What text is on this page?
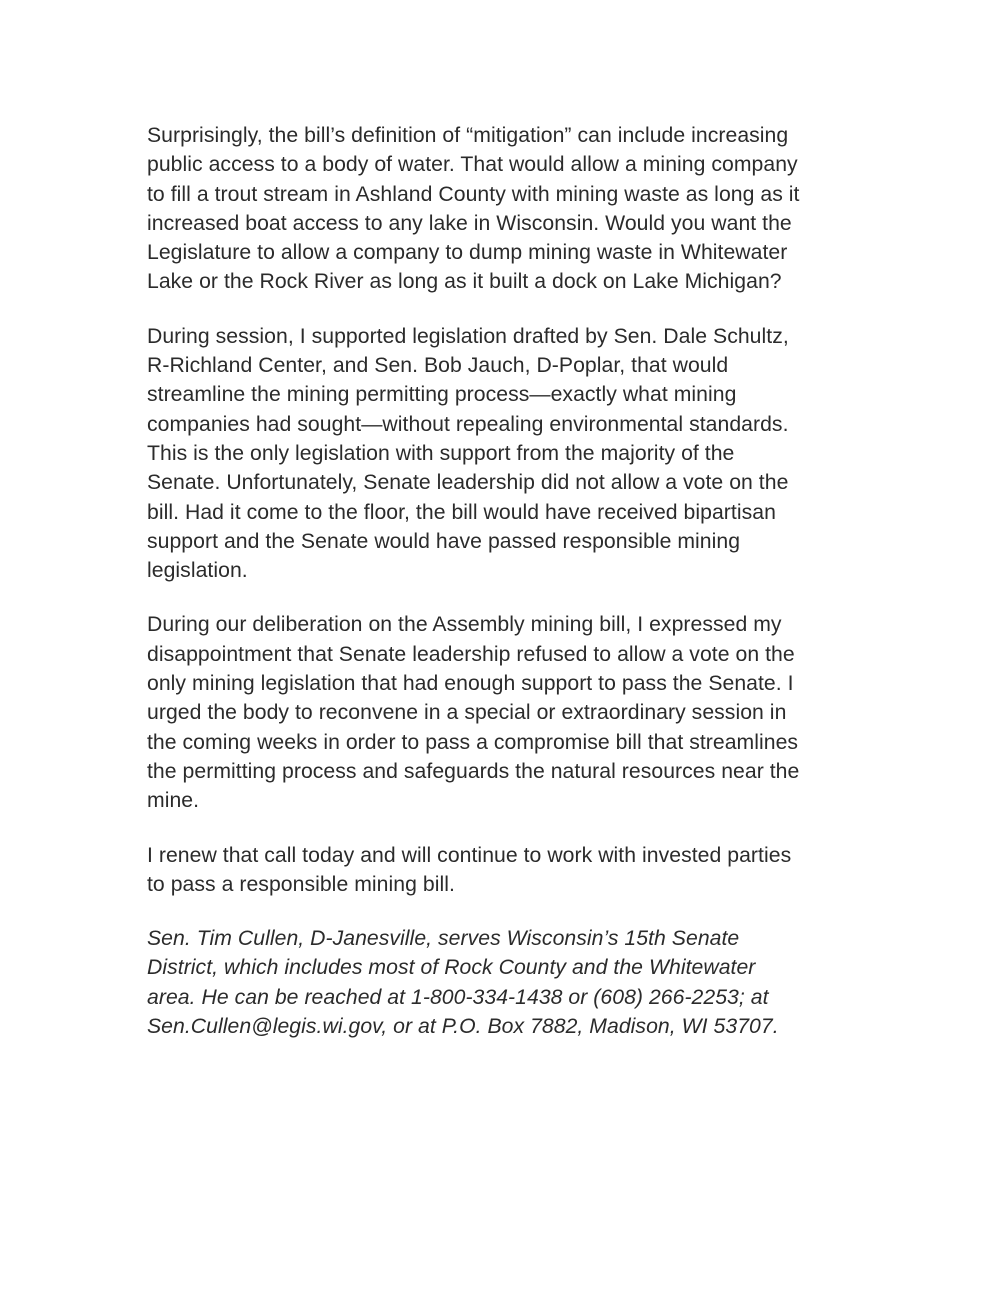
Surprisingly, the bill’s definition of “mitigation” can include increasing
public access to a body of water. That would allow a mining company
to fill a trout stream in Ashland County with mining waste as long as it
increased boat access to any lake in Wisconsin. Would you want the
Legislature to allow a company to dump mining waste in Whitewater
Lake or the Rock River as long as it built a dock on Lake Michigan?

During session, I supported legislation drafted by Sen. Dale Schultz,
R-Richland Center, and Sen. Bob Jauch, D-Poplar, that would
streamline the mining permitting process—exactly what mining
companies had sought—without repealing environmental standards.
This is the only legislation with support from the majority of the
Senate. Unfortunately, Senate leadership did not allow a vote on the
bill. Had it come to the floor, the bill would have received bipartisan
support and the Senate would have passed responsible mining
legislation.

During our deliberation on the Assembly mining bill, I expressed my
disappointment that Senate leadership refused to allow a vote on the
only mining legislation that had enough support to pass the Senate. I
urged the body to reconvene in a special or extraordinary session in
the coming weeks in order to pass a compromise bill that streamlines
the permitting process and safeguards the natural resources near the
mine.

I renew that call today and will continue to work with invested parties
to pass a responsible mining bill.

Sen. Tim Cullen, D-Janesville, serves Wisconsin’s 15th Senate
District, which includes most of Rock County and the Whitewater
area. He can be reached at 1-800-334-1438 or (608) 266-2253; at
Sen.Cullen@legis.wi.gov, or at P.O. Box 7882, Madison, WI 53707.
